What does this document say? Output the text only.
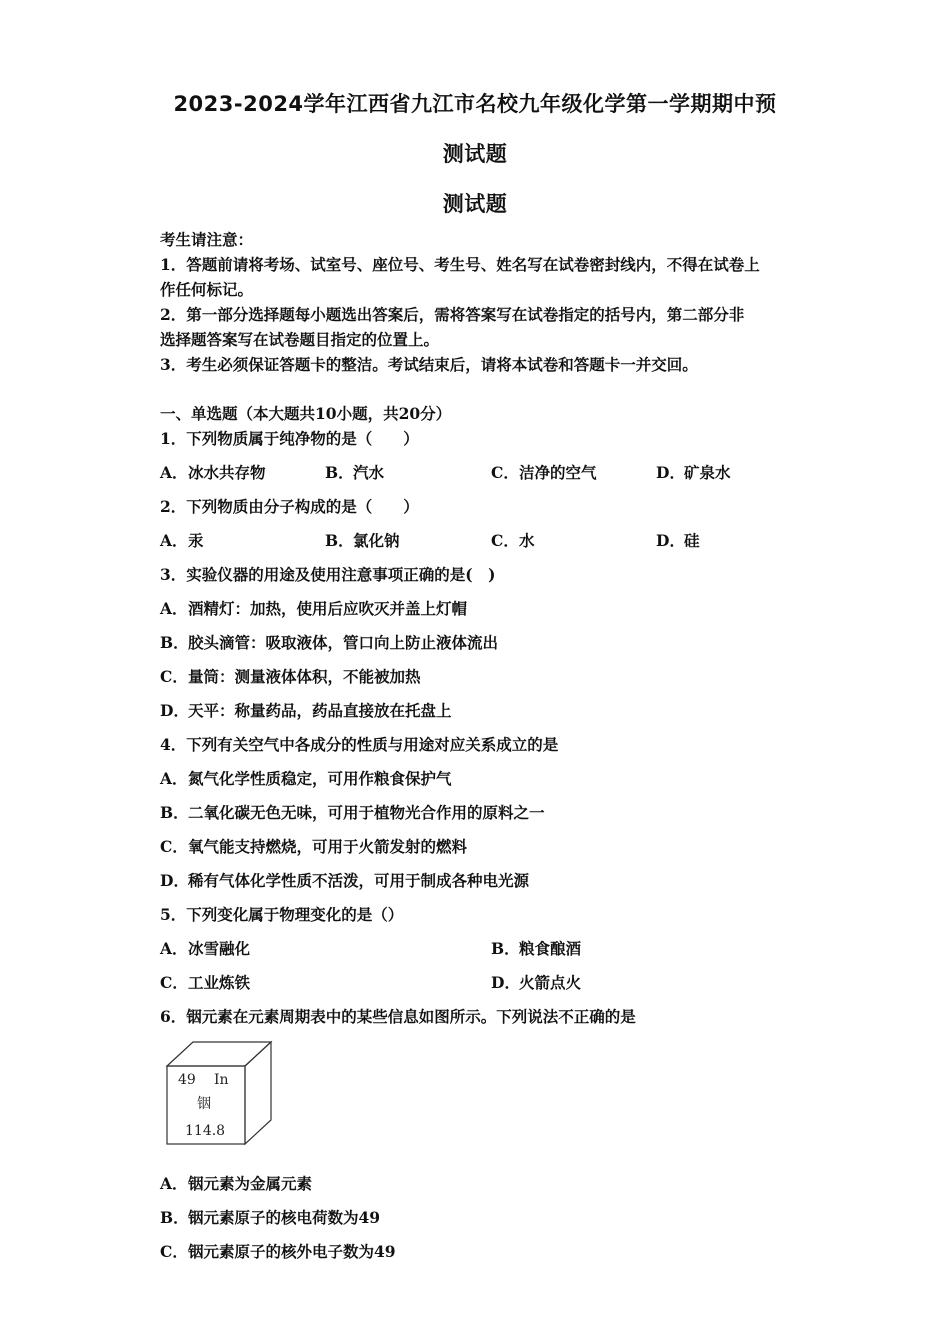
2023-2024学年江西省九江市名校九年级化学第一学期期中预
测试题
测试题
考生请注意：
1．答题前请将考场、试室号、座位号、考生号、姓名写在试卷密封线内，不得在试卷上
作任何标记。
2．第一部分选择题每小题选出答案后，需将答案写在试卷指定的括号内，第二部分非
选择题答案写在试卷题目指定的位置上。
3．考生必须保证答题卡的整洁。考试结束后，请将本试卷和答题卡一并交回。
一、单选题（本大题共10小题，共20分）
1．下列物质属于纯净物的是（　　）
A．冰水共存物	B．汽水	C．洁净的空气	D．矿泉水
2．下列物质由分子构成的是（　　）
A．汞	B．氯化钠	C．水	D．硅
3．实验仪器的用途及使用注意事项正确的是(　)
A．酒精灯：加热，使用后应吹灭并盖上灯帽
B．胶头滴管：吸取液体，管口向上防止液体流出
C．量筒：测量液体体积，不能被加热
D．天平：称量药品，药品直接放在托盘上
4．下列有关空气中各成分的性质与用途对应关系成立的是
A．氮气化学性质稳定，可用作粮食保护气
B．二氧化碳无色无味，可用于植物光合作用的原料之一
C．氧气能支持燃烧，可用于火箭发射的燃料
D．稀有气体化学性质不活泼，可用于制成各种电光源
5．下列变化属于物理变化的是（）
A．冰雪融化	B．粮食酿酒
C．工业炼铁	D．火箭点火
6．铟元素在元素周期表中的某些信息如图所示。下列说法不正确的是
49 In
铟
114.8
A．铟元素为金属元素
B．铟元素原子的核电荷数为49
C．铟元素原子的核外电子数为49
